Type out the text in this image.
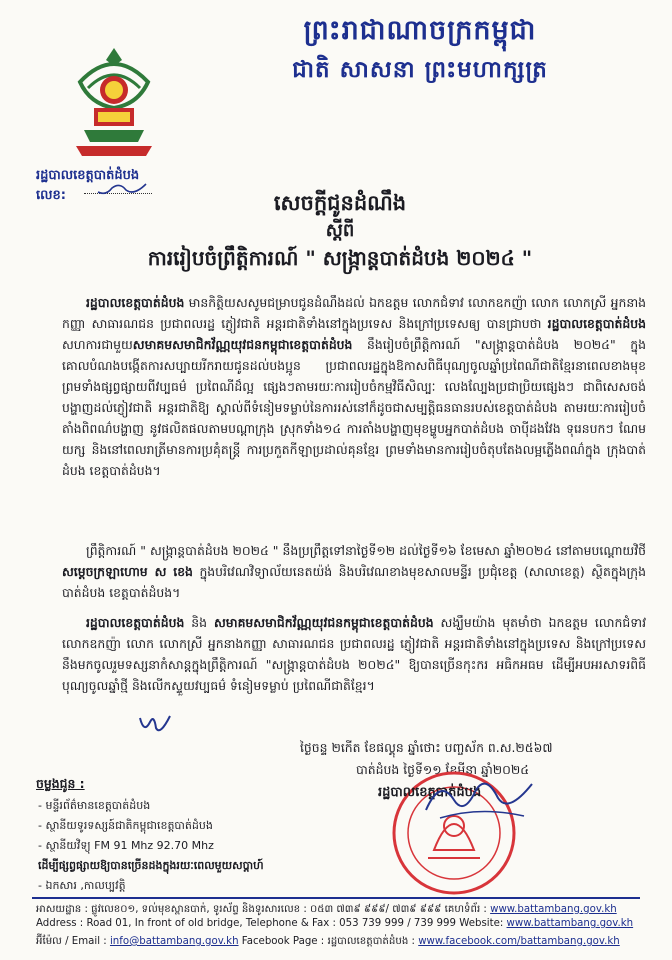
ព្រះរាជាណាចក្រកម្ពុជា
ជាតិ សាសនា ព្រះមហាក្សត្រ
រដ្ឋបាលខេត្តបាត់ដំបង
លេខ:	សេចក្តីជូនដំណឹង
ស្តីពី
ការរៀបចំព្រឹត្តិការណ៍ " សង្ក្រាន្តបាត់ដំបង ២០២៤ "
រដ្ឋបាលខេត្តបាត់ដំបង មានកិត្តិយសសូមជម្រាបជូនដំណឹងដល់ ឯកឧត្តម លោកជំទាវ លោកឧកញ៉ា លោក លោកស្រី អ្នកនាងកញ្ញា សាធារណជន ប្រជាពលរដ្ឋ ភ្ញៀវជាតិ អន្តរជាតិទាំងនៅក្នុងប្រទេស និងក្រៅប្រទេសឲ្យ បានជ្រាបថា រដ្ឋបាលខេត្តបាត់ដំបង សហការជាមួយសមាគមសមាជិកវ័ណ្ណយុវជនកម្ពុជាខេត្តបាត់ដំបង នឹងរៀបចំព្រឹត្តិការណ៍ "សង្ក្រាន្តបាត់ដំបង ២០២៤" ក្នុងគោលបំណងបង្កើតការសប្បាយរីករាយជូនដល់បងប្អូន ប្រជាពលរដ្ឋក្នុងឱកាសពិធីបុណ្យចូលឆ្នាំប្រពៃណីជាតិខ្មែរនាពេលខាងមុខ ព្រមទាំងផ្សព្វផ្សាយពីវប្បធម៌ ប្រពៃណីដ៏ល្អ ផ្សេងៗតាមរយៈការរៀបចំកម្មវិធីសិល្បៈ លេងល្បែងប្រជាប្រិយផ្សេងៗ ជាពិសេសចង់បង្ហាញដល់ភ្ញៀវជាតិ អន្តរជាតិឱ្យ ស្គាល់ពីទំនៀមទម្លាប់នៃការរស់នៅក៏ដូចជាសម្បត្តិធនធានរបស់ខេត្តបាត់ដំបង តាមរយៈការរៀបចំតាំងពិពណ៌បង្ហាញ នូវផលិតផលតាមបណ្តាក្រុង ស្រុកទាំង១៤ ការតាំងបង្ហាញមុខម្ហូបអ្នកបាត់ដំបង ចាប៉ីដងវែង ទុរេនបកៗ ណែមយក្ស និងនៅពេលរាត្រីមានការប្រគុំតន្ត្រី ការប្រកួតកីឡាប្រដាល់គុនខ្មែរ ព្រមទាំងមានការរៀបចំតុបតែងលម្អភ្លើងពណ៌ក្នុង ក្រុងបាត់ដំបង ខេត្តបាត់ដំបង។
ព្រឹត្តិការណ៍ " សង្ក្រាន្តបាត់ដំបង ២០២៤ " នឹងប្រព្រឹត្តទៅនាថ្ងៃទី១២ ដល់ថ្ងៃទី១៦ ខែមេសា ឆ្នាំ២០២៤ នៅតាមបណ្តោយវិថី សម្តេចក្រឡាហោម ស ខេង ក្នុងបរិវេណវិទ្យាល័យនេតយ៉ង់ និងបរិវេណខាងមុខសាលមន្ទីរ ប្រជុំខេត្ត (សាលាខេត្ត) ស្ថិតក្នុងក្រុងបាត់ដំបង ខេត្តបាត់ដំបង។
រដ្ឋបាលខេត្តបាត់ដំបង និង សមាគមសមាជិកវ័ណ្ណយុវជនកម្ពុជាខេត្តបាត់ដំបង សង្ឃឹមយ៉ាង មុតមាំថា ឯកឧត្តម លោកជំទាវ លោកឧកញ៉ា លោក លោកស្រី អ្នកនាងកញ្ញា សាធារណជន ប្រជាពលរដ្ឋ ភ្ញៀវជាតិ អន្តរជាតិទាំងនៅក្នុងប្រទេស និងក្រៅប្រទេសនឹងមកចូលរួមទស្សនាកំសាន្តក្នុងព្រឹត្តិការណ៍ "សង្ក្រាន្តបាត់ដំបង ២០២៤" ឱ្យបានច្រើនកុះករ អធិកអធម ដើម្បីអបអរសាទរពិធីបុណ្យចូលឆ្នាំថ្មី និងលើកស្ទួយវប្បធម៌ ទំនៀមទម្លាប់ ប្រពៃណីជាតិខ្មែរ។
ថ្ងៃចន្ទ ២កើត ខែផល្គុន ឆ្នាំថោះ បញ្ចស័ក ព.ស.២៥៦៧
បាត់ដំបង ថ្ងៃទី១១ ខែមីនា ឆ្នាំ២០២៤
រដ្ឋបាលខេត្តបាត់ដំបង
ចម្លងជូន :
- មន្ទីរព័ត៌មានខេត្តបាត់ដំបង
- ស្ថានីយទូរទស្សន៍ជាតិកម្ពុជាខេត្តបាត់ដំបង
- ស្ថានីយវិទ្យុ FM 91 Mhz 92.70 Mhz
ដើម្បីផ្សព្វផ្សាយឱ្យបានច្រើនដងក្នុងរយៈពេលមួយសប្តាហ៍
- ឯកសារ ,កាលប្បវត្តិ
អាសយដ្ឋាន : ផ្លូវលេខ០១, ទល់មុខស្ពានបាក់, ទូរស័ព្ទ និងទូរសារលេខ : ០៥៣ ៧៣៩ ៩៩៩/ ៧៣៩ ៩៩៩ គេហទំព័រ : www.battambang.gov.kh
Address : Road 01, In front of old bridge, Telephone & Fax : 053 739 999 / 739 999 Website: www.battambang.gov.kh
អ៊ីម៉ែល / Email : info@battambang.gov.kh Facebook Page : រដ្ឋបាលខេត្តបាត់ដំបង : www.facebook.com/battambang.gov.kh
